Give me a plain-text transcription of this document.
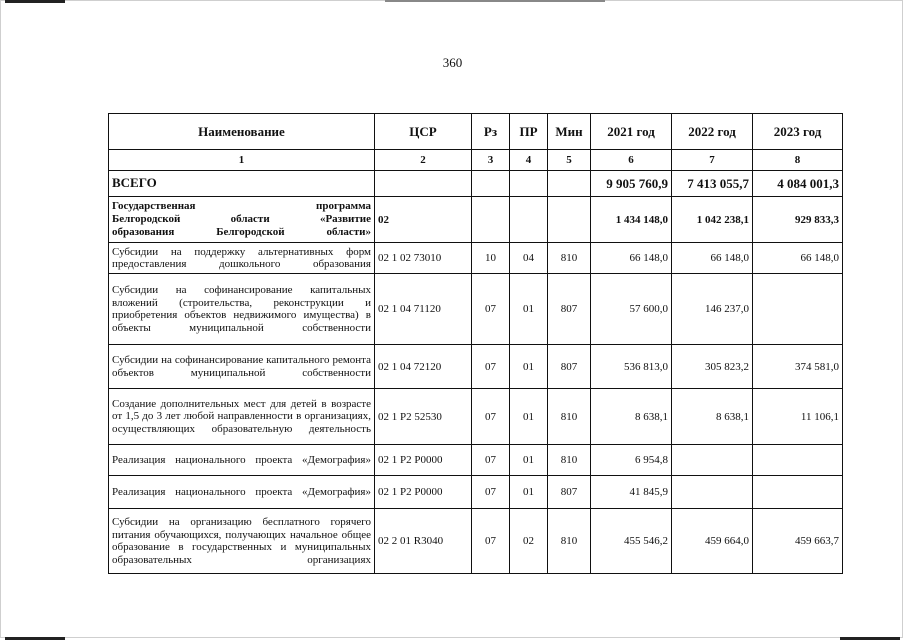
360
Наименование	ЦСР	Рз	ПР	Мин	2021 год	2022 год	2023 год
1	2	3	4	5	6	7	8
ВСЕГО					9 905 760,9	7 413 055,7	4 084 001,3
Государственная программа
Белгородской области «Развитие
образования Белгородской области»	02				1 434 148,0	1 042 238,1	929 833,3
Субсидии на поддержку альтернативных форм предоставления дошкольного образования	02 1 02 73010	10	04	810	66 148,0	66 148,0	66 148,0
Субсидии на софинансирование капитальных вложений (строительства, реконструкции и приобретения объектов недвижимого имущества) в объекты муниципальной собственности	02 1 04 71120	07	01	807	57 600,0	146 237,0	
Субсидии на софинансирование капитального ремонта объектов муниципальной собственности	02 1 04 72120	07	01	807	536 813,0	305 823,2	374 581,0
Создание дополнительных мест для детей в возрасте от 1,5 до 3 лет любой направленности в организациях, осуществляющих образовательную деятельность	02 1 P2 52530	07	01	810	8 638,1	8 638,1	11 106,1
Реализация национального проекта «Демография»	02 1 P2 P0000	07	01	810	6 954,8		
Реализация национального проекта «Демография»	02 1 P2 P0000	07	01	807	41 845,9		
Субсидии на организацию бесплатного горячего питания обучающихся, получающих начальное общее образование в государственных и муниципальных образовательных организациях	02 2 01 R3040	07	02	810	455 546,2	459 664,0	459 663,7
